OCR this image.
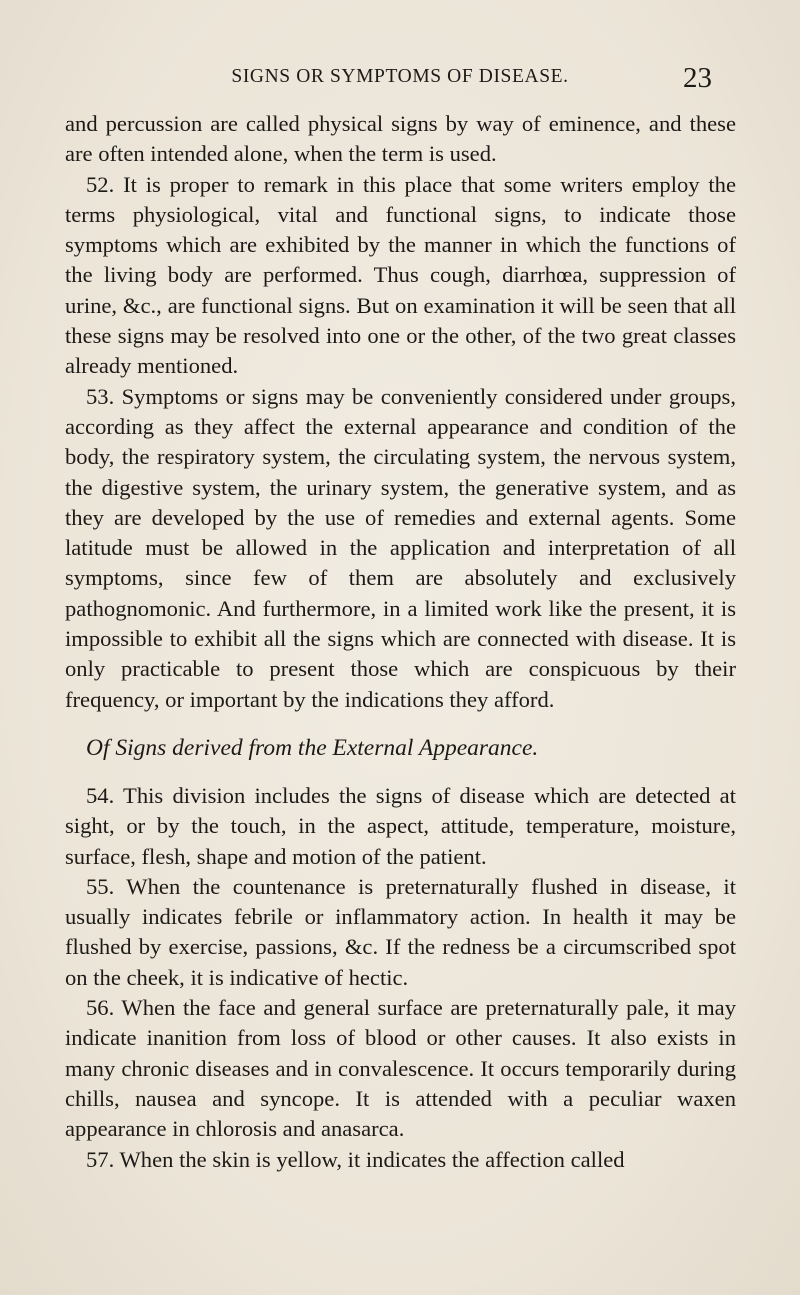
SIGNS OR SYMPTOMS OF DISEASE.	23

and percussion are called physical signs by way of eminence, and these are often intended alone, when the term is used.

52. It is proper to remark in this place that some writers employ the terms physiological, vital and functional signs, to indicate those symptoms which are exhibited by the manner in which the functions of the living body are performed. Thus cough, diarrhœa, suppression of urine, &c., are functional signs. But on examination it will be seen that all these signs may be resolved into one or the other, of the two great classes already mentioned.

53. Symptoms or signs may be conveniently considered under groups, according as they affect the external appearance and condition of the body, the respiratory system, the circulating system, the nervous system, the digestive system, the urinary system, the generative system, and as they are developed by the use of remedies and external agents. Some latitude must be allowed in the application and interpretation of all symptoms, since few of them are absolutely and exclusively pathognomonic. And furthermore, in a limited work like the present, it is impossible to exhibit all the signs which are connected with disease. It is only practicable to present those which are conspicuous by their frequency, or important by the indications they afford.

Of Signs derived from the External Appearance.

54. This division includes the signs of disease which are detected at sight, or by the touch, in the aspect, attitude, temperature, moisture, surface, flesh, shape and motion of the patient.

55. When the countenance is preternaturally flushed in disease, it usually indicates febrile or inflammatory action. In health it may be flushed by exercise, passions, &c. If the redness be a circumscribed spot on the cheek, it is indicative of hectic.

56. When the face and general surface are preternaturally pale, it may indicate inanition from loss of blood or other causes. It also exists in many chronic diseases and in convalescence. It occurs temporarily during chills, nausea and syncope. It is attended with a peculiar waxen appearance in chlorosis and anasarca.

57. When the skin is yellow, it indicates the affection called
